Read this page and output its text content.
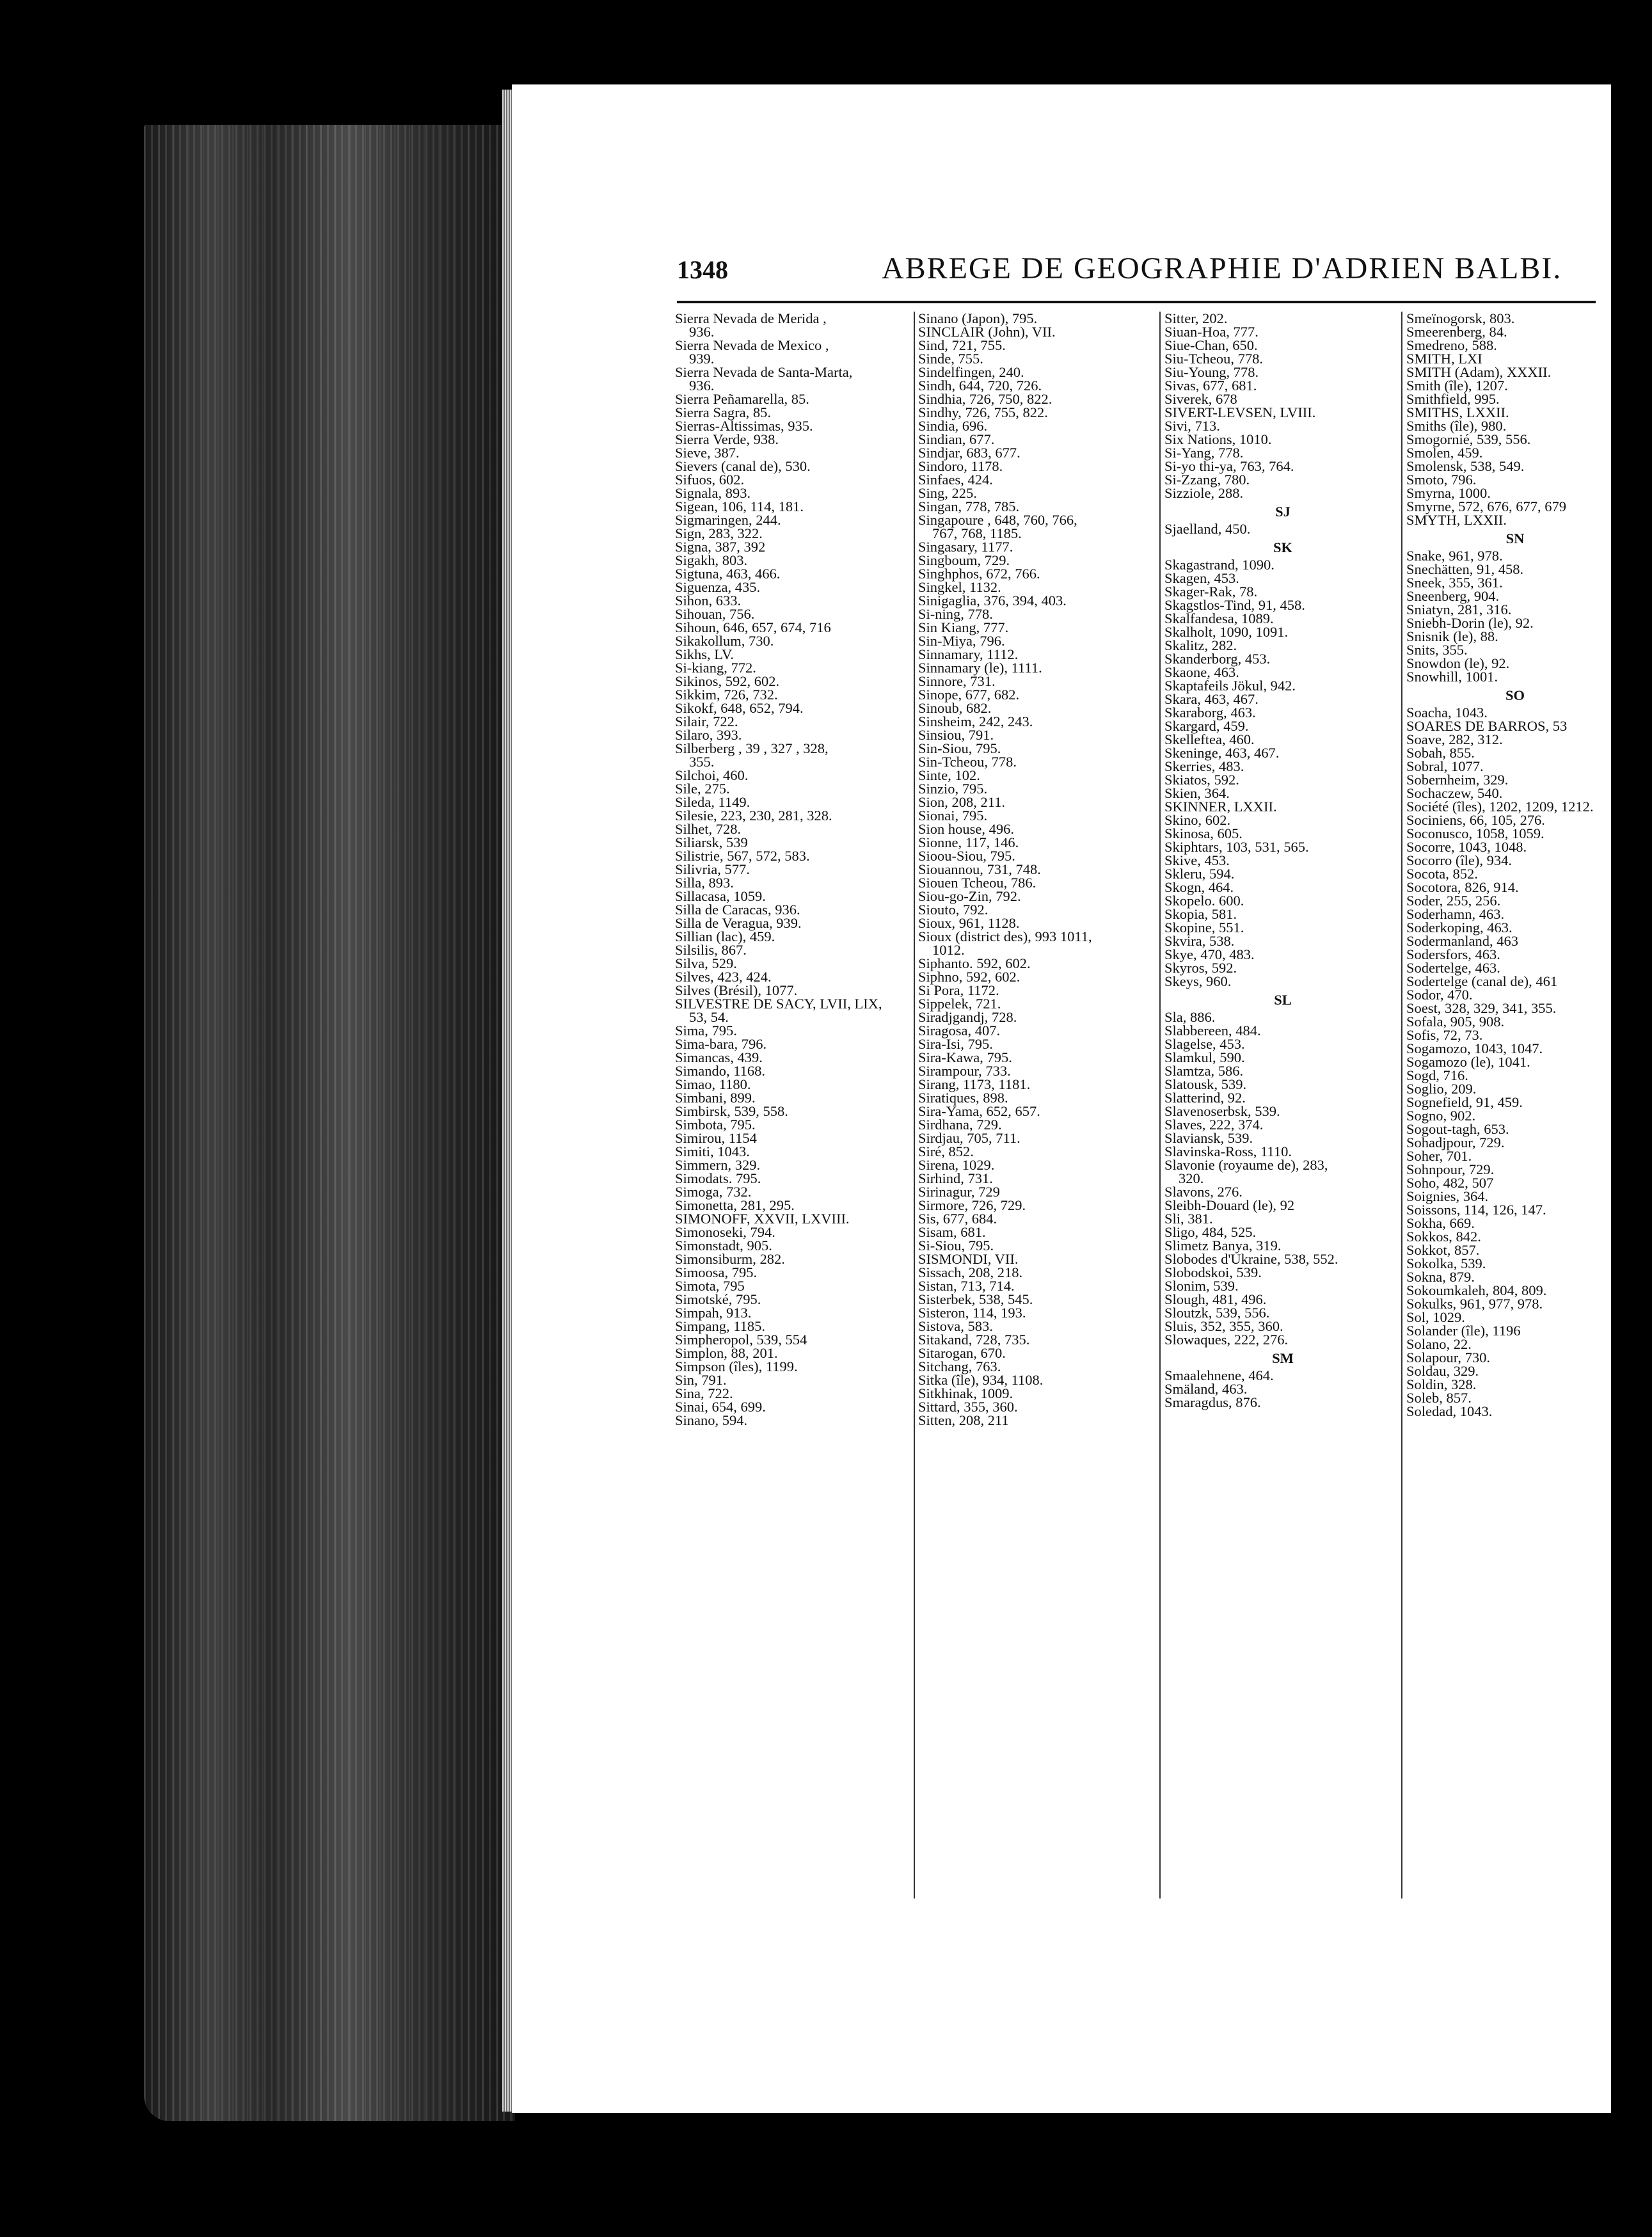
1348	ABREGE DE GEOGRAPHIE D'ADRIEN BALBI.
Sierra Nevada de Merida ,
936.
Sierra Nevada de Mexico ,
939.
Sierra Nevada de Santa-Marta,
936.
Sierra Peñamarella, 85.
Sierra Sagra, 85.
Sierras-Altissimas, 935.
Sierra Verde, 938.
Sieve, 387.
Sievers (canal de), 530.
Sifuos, 602.
Signala, 893.
Sigean, 106, 114, 181.
Sigmaringen, 244.
Sign, 283, 322.
Signa, 387, 392
Sigakh, 803.
Sigtuna, 463, 466.
Siguenza, 435.
Sihon, 633.
Sihouan, 756.
Sihoun, 646, 657, 674, 716
Sikakollum, 730.
Sikhs, LV.
Si-kiang, 772.
Sikinos, 592, 602.
Sikkim, 726, 732.
Sikokf, 648, 652, 794.
Silair, 722.
Silaro, 393.
Silberberg , 39 , 327 , 328,
355.
Silchoi, 460.
Sile, 275.
Sileda, 1149.
Silesie, 223, 230, 281, 328.
Silhet, 728.
Siliarsk, 539
Silistrie, 567, 572, 583.
Silivria, 577.
Silla, 893.
Sillacasa, 1059.
Silla de Caracas, 936.
Silla de Veragua, 939.
Sillian (lac), 459.
Silsilis, 867.
Silva, 529.
Silves, 423, 424.
Silves (Brésil), 1077.
SILVESTRE DE SACY, LVII, LIX,
53, 54.
Sima, 795.
Sima-bara, 796.
Simancas, 439.
Simando, 1168.
Simao, 1180.
Simbani, 899.
Simbirsk, 539, 558.
Simbota, 795.
Simirou, 1154
Simiti, 1043.
Simmern, 329.
Simodats. 795.
Simoga, 732.
Simonetta, 281, 295.
SIMONOFF, XXVII, LXVIII.
Simonoseki, 794.
Simonstadt, 905.
Simonsiburm, 282.
Simoosa, 795.
Simota, 795
Simotské, 795.
Simpah, 913.
Simpang, 1185.
Simpheropol, 539, 554
Simplon, 88, 201.
Simpson (îles), 1199.
Sin, 791.
Sina, 722.
Sinai, 654, 699.
Sinano, 594.
Sinano (Japon), 795.
SINCLAIR (John), VII.
Sind, 721, 755.
Sinde, 755.
Sindelfingen, 240.
Sindh, 644, 720, 726.
Sindhia, 726, 750, 822.
Sindhy, 726, 755, 822.
Sindia, 696.
Sindian, 677.
Sindjar, 683, 677.
Sindoro, 1178.
Sinfaes, 424.
Sing, 225.
Singan, 778, 785.
Singapoure , 648, 760, 766,
767, 768, 1185.
Singasary, 1177.
Singboum, 729.
Singhphos, 672, 766.
Singkel, 1132.
Sinigaglia, 376, 394, 403.
Si-ning, 778.
Sin Kiang, 777.
Sin-Miya, 796.
Sinnamary, 1112.
Sinnamary (le), 1111.
Sinnore, 731.
Sinope, 677, 682.
Sinoub, 682.
Sinsheim, 242, 243.
Sinsiou, 791.
Sin-Siou, 795.
Sin-Tcheou, 778.
Sinte, 102.
Sinzio, 795.
Sion, 208, 211.
Sionai, 795.
Sion house, 496.
Sionne, 117, 146.
Sioou-Siou, 795.
Siouannou, 731, 748.
Siouen Tcheou, 786.
Siou-go-Zin, 792.
Siouto, 792.
Sioux, 961, 1128.
Sioux (district des), 993 1011,
1012.
Siphanto. 592, 602.
Siphno, 592, 602.
Si Pora, 1172.
Sippelek, 721.
Siradjgandj, 728.
Siragosa, 407.
Sira-Isi, 795.
Sira-Kawa, 795.
Sirampour, 733.
Sirang, 1173, 1181.
Siratiques, 898.
Sira-Yama, 652, 657.
Sirdhana, 729.
Sirdjau, 705, 711.
Siré, 852.
Sirena, 1029.
Sirhind, 731.
Sirinagur, 729
Sirmore, 726, 729.
Sis, 677, 684.
Sisam, 681.
Si-Siou, 795.
SISMONDI, VII.
Sissach, 208, 218.
Sistan, 713, 714.
Sisterbek, 538, 545.
Sisteron, 114, 193.
Sistova, 583.
Sitakand, 728, 735.
Sitarogan, 670.
Sitchang, 763.
Sitka (île), 934, 1108.
Sitkhinak, 1009.
Sittard, 355, 360.
Sitten, 208, 211
Sitter, 202.
Siuan-Hoa, 777.
Siue-Chan, 650.
Siu-Tcheou, 778.
Siu-Young, 778.
Sivas, 677, 681.
Siverek, 678
SIVERT-LEVSEN, LVIII.
Sivi, 713.
Six Nations, 1010.
Si-Yang, 778.
Si-yo thi-ya, 763, 764.
Si-Zzang, 780.
Sizziole, 288.
SJ
Sjaelland, 450.
SK
Skagastrand, 1090.
Skagen, 453.
Skager-Rak, 78.
Skagstlos-Tind, 91, 458.
Skalfandesa, 1089.
Skalholt, 1090, 1091.
Skalitz, 282.
Skanderborg, 453.
Skaone, 463.
Skaptafeils Jökul, 942.
Skara, 463, 467.
Skaraborg, 463.
Skargard, 459.
Skelleftea, 460.
Skeninge, 463, 467.
Skerries, 483.
Skiatos, 592.
Skien, 364.
SKINNER, LXXII.
Skino, 602.
Skinosa, 605.
Skiphtars, 103, 531, 565.
Skive, 453.
Skleru, 594.
Skogn, 464.
Skopelo. 600.
Skopia, 581.
Skopine, 551.
Skvira, 538.
Skye, 470, 483.
Skyros, 592.
Skeys, 960.
SL
Sla, 886.
Slabbereen, 484.
Slagelse, 453.
Slamkul, 590.
Slamtza, 586.
Slatousk, 539.
Slatterind, 92.
Slavenoserbsk, 539.
Slaves, 222, 374.
Slaviansk, 539.
Slavinska-Ross, 1110.
Slavonie (royaume de), 283,
320.
Slavons, 276.
Sleibh-Douard (le), 92
Sli, 381.
Sligo, 484, 525.
Slimetz Banya, 319.
Slobodes d'Ukraine, 538, 552.
Slobodskoi, 539.
Slonim, 539.
Slough, 481, 496.
Sloutzk, 539, 556.
Sluis, 352, 355, 360.
Slowaques, 222, 276.
SM
Smaalehnene, 464.
Smäland, 463.
Smaragdus, 876.
Smeïnogorsk, 803.
Smeerenberg, 84.
Smedreno, 588.
SMITH, LXI
SMITH (Adam), XXXII.
Smith (île), 1207.
Smithfield, 995.
SMITHS, LXXII.
Smiths (île), 980.
Smogornié, 539, 556.
Smolen, 459.
Smolensk, 538, 549.
Smoto, 796.
Smyrna, 1000.
Smyrne, 572, 676, 677, 679
SMYTH, LXXII.
SN
Snake, 961, 978.
Snechätten, 91, 458.
Sneek, 355, 361.
Sneenberg, 904.
Sniatyn, 281, 316.
Sniebh-Dorin (le), 92.
Snisnik (le), 88.
Snits, 355.
Snowdon (le), 92.
Snowhill, 1001.
SO
Soacha, 1043.
SOARES DE BARROS, 53
Soave, 282, 312.
Sobah, 855.
Sobral, 1077.
Sobernheim, 329.
Sochaczew, 540.
Société (îles), 1202, 1209, 1212.
Sociniens, 66, 105, 276.
Soconusco, 1058, 1059.
Socorre, 1043, 1048.
Socorro (île), 934.
Socota, 852.
Socotora, 826, 914.
Soder, 255, 256.
Soderhamn, 463.
Soderkoping, 463.
Sodermanland, 463
Sodersfors, 463.
Sodertelge, 463.
Sodertelge (canal de), 461
Sodor, 470.
Soest, 328, 329, 341, 355.
Sofala, 905, 908.
Sofis, 72, 73.
Sogamozo, 1043, 1047.
Sogamozo (le), 1041.
Sogd, 716.
Soglio, 209.
Sognefield, 91, 459.
Sogno, 902.
Sogout-tagh, 653.
Sohadjpour, 729.
Soher, 701.
Sohnpour, 729.
Soho, 482, 507
Soignies, 364.
Soissons, 114, 126, 147.
Sokha, 669.
Sokkos, 842.
Sokkot, 857.
Sokolka, 539.
Sokna, 879.
Sokoumkaleh, 804, 809.
Sokulks, 961, 977, 978.
Sol, 1029.
Solander (île), 1196
Solano, 22.
Solapour, 730.
Soldau, 329.
Soldin, 328.
Soleb, 857.
Soledad, 1043.
